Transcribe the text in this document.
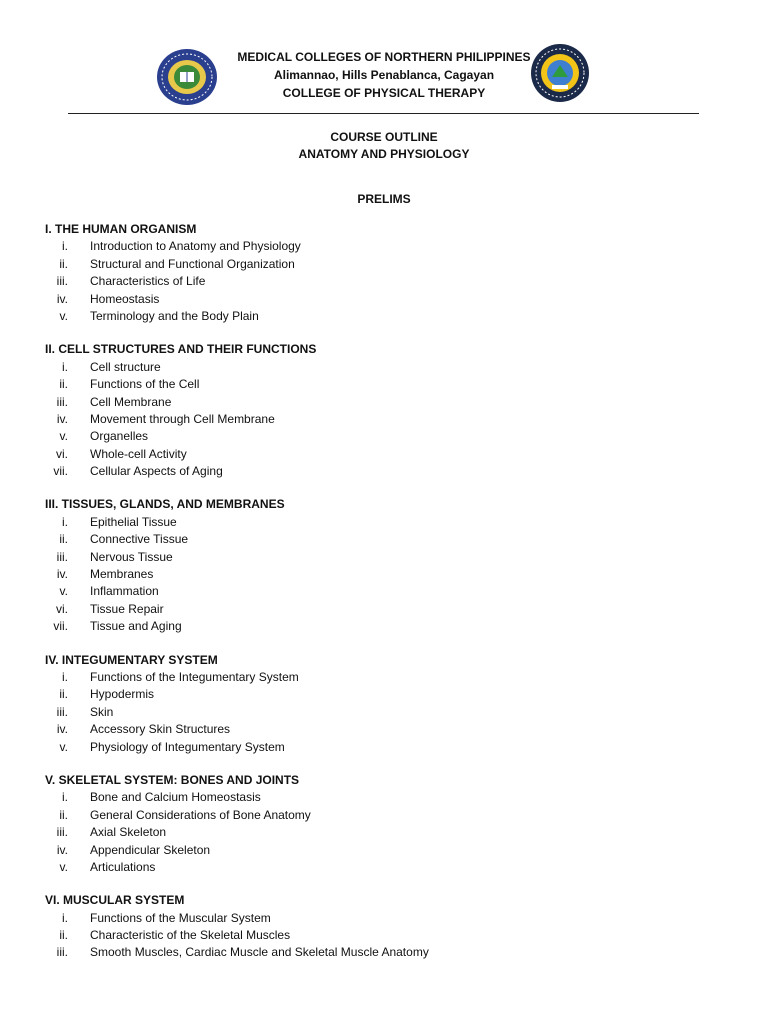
MEDICAL COLLEGES OF NORTHERN PHILIPPINES
Alimannao, Hills Penablanca, Cagayan
COLLEGE OF PHYSICAL THERAPY
COURSE OUTLINE
ANATOMY AND PHYSIOLOGY
PRELIMS
I. THE HUMAN ORGANISM
i. Introduction to Anatomy and Physiology
ii. Structural and Functional Organization
iii. Characteristics of Life
iv. Homeostasis
v. Terminology and the Body Plain
II. CELL STRUCTURES AND THEIR FUNCTIONS
i. Cell structure
ii. Functions of the Cell
iii. Cell Membrane
iv. Movement through Cell Membrane
v. Organelles
vi. Whole-cell Activity
vii. Cellular Aspects of Aging
III. TISSUES, GLANDS, AND MEMBRANES
i. Epithelial Tissue
ii. Connective Tissue
iii. Nervous Tissue
iv. Membranes
v. Inflammation
vi. Tissue Repair
vii. Tissue and Aging
IV. INTEGUMENTARY SYSTEM
i. Functions of the Integumentary System
ii. Hypodermis
iii. Skin
iv. Accessory Skin Structures
v. Physiology of Integumentary System
V. SKELETAL SYSTEM: BONES AND JOINTS
i. Bone and Calcium Homeostasis
ii. General Considerations of Bone Anatomy
iii. Axial Skeleton
iv. Appendicular Skeleton
v. Articulations
VI. MUSCULAR SYSTEM
i. Functions of the Muscular System
ii. Characteristic of the Skeletal Muscles
iii. Smooth Muscles, Cardiac Muscle and Skeletal Muscle Anatomy
